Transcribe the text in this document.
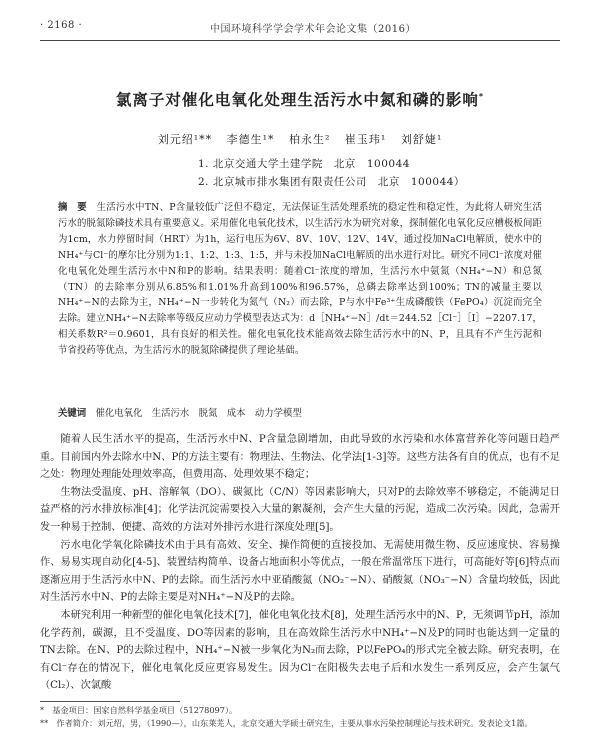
· 2168 ·	中国环境科学学会学术年会论文集（2016）
氯离子对催化电氧化处理生活污水中氮和磷的影响*
刘元绍¹** 李德生¹* 柏永生² 崔玉玮¹ 刘舒婕¹
1. 北京交通大学土建学院　北京　100044
2. 北京城市排水集团有限责任公司　北京　100044）
摘　要　 生活污水中TN、P含量较低广泛但不稳定，无法保证生活处理系统的稳定性和稳定性，为此将人研究生活污水的脱氮除磷技术具有重要意义。采用催化电氧化技术，以生活污水为研究对象，探制催化电氧化反应槽极板间距为1cm，水力停留时间（HRT）为1h，运行电压为6V、8V、10V、12V、14V，通过投加NaCl电解质，使水中的NH₄⁺与Cl⁻的摩尔比分别为1:1、1:2、1:3、1:5，并与未投加NaCl电解质的出水进行对比。研究不同Cl⁻浓度对催化电氧化处理生活污水中N和P的影响。结果表明：随着Cl⁻浓度的增加，生活污水中氨氮（NH₄⁺−N）和总氮（TN）的去除率分别从6.85%和1.01%升高到100%和96.57%，总磷去除率达到100%；TN的减量主要以NH₄⁺−N的去除为主，NH₄⁺−N一步转化为氮气（N₂）而去除，P与水中Fe³⁺生成磷酸铁（FePO₄）沉淀而完全去除。建立NH₄⁺−N去除率等级反应动力学模型表达式为：d［NH₄⁺−N］/dt＝244.52［Cl⁻］［I］−2207.17，相关系数R²＝0.9601，具有良好的相关性。催化电氧化技术能高效去除生活污水中的N、P，且具有不产生污泥和节省投药等优点，为生活污水的脱氮除磷提供了理论基础。
关键词　 催化电氧化　生活污水　脱氮　成本　动力学模型

随着人民生活水平的提高，生活污水中N、P含量急剧增加，由此导致的水污染和水体富营养化等问题日趋严重。目前国内外去除水中N、P的方法主要有：物理法、生物法、化学法[1-3]等。这些方法各有自的优点，也有不足之处：物理处理能处理效率高，但费用高、处理效果不稳定；

生物法受温度、pH、溶解氧（DO）、碳氮比（C/N）等因素影响大，只对P的去除效率不够稳定，不能满足日益严格的污水排放标准[4]；化学法沉淀需要投入大量的絮凝剂，会产生大量的污泥，造成二次污染。因此，急需开发一种易于控制、便捷、高效的方法对外排污水进行深度处理[5]。

污水电化学氧化除磷技术由于具有高效、安全、操作简便的直接投加、无需使用微生物、反应速度快、容易操作、易易实现自动化[4-5]、装置结构简单、设备占地面积小等优点，一般在常温常压下进行，可高能好等[6]特点而逐渐应用于生活污水中N、P的去除。而生活污水中亚硝酸氮（NO₂⁻−N）、硝酸氮（NO₃⁻−N）含量均较低，因此对生活污水中N、P的去除主要是对NH₄⁺−N及P的去除。

本研究利用一种新型的催化电氧化技术[7]，催化电氧化技术[8]，处理生活污水中的N、P，无须调节pH，添加化学药剂，碳源，且不受温度、DO等因素的影响，且在高效除生活污水中NH₄⁺−N及P的同时也能达到一定量的TN去除。在N、P的去除过程中，NH₄⁺−N被一步氧化为N₂而去除，P以FePO₄的形式完全被去除。研究表明，在有Cl⁻存在的情况下，催化电氧化反应更容易发生。因为Cl⁻在阳极失去电子后和水发生一系列反应，会产生氯气（Cl₂）、次氯酸

*　基金项目：国家自然科学基金项目（51278097）。
**　作者简介：刘元绍，男，（1990—），山东莱芜人，北京交通大学硕士研究生，主要从事水污染控制理论与技术研究。发表论文1篇。
